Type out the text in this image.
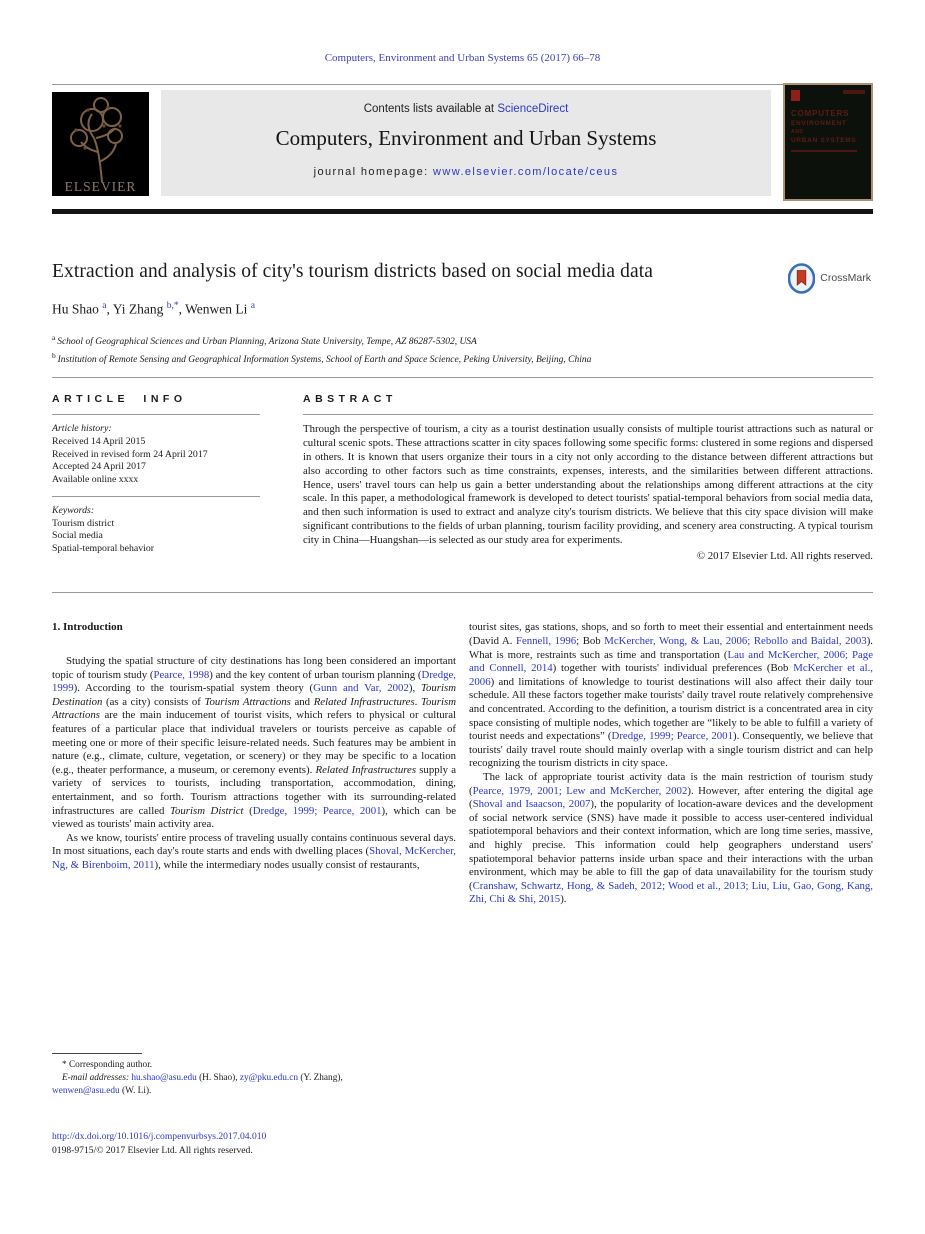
Computers, Environment and Urban Systems 65 (2017) 66–78
ELSEVIER
Contents lists available at ScienceDirect
Computers, Environment and Urban Systems
journal homepage: www.elsevier.com/locate/ceus
COMPUTERS
ENVIRONMENT
AND
URBAN SYSTEMS
Extraction and analysis of city's tourism districts based on social media data	CrossMark
Hu Shao $^a$, Yi Zhang $^{b,*}$, Wenwen Li $^a$
$^a$ School of Geographical Sciences and Urban Planning, Arizona State University, Tempe, AZ 86287-5302, USA
$^b$ Institution of Remote Sensing and Geographical Information Systems, School of Earth and Space Science, Peking University, Beijing, China
ARTICLE INFO
Article history:
Received 14 April 2015
Received in revised form 24 April 2017
Accepted 24 April 2017
Available online xxxx
Keywords:
Tourism district
Social media
Spatial-temporal behavior
ABSTRACT

Through the perspective of tourism, a city as a tourist destination usually consists of multiple tourist attractions such as natural or cultural scenic spots. These attractions scatter in city spaces following some specific forms: clustered in some regions and dispersed in others. It is known that users organize their tours in a city not only according to the distance between different attractions but also according to other factors such as time constraints, expenses, interests, and the similarities between different attractions. Hence, users' travel tours can help us gain a better understanding about the relationships among different attractions at the city scale. In this paper, a methodological framework is developed to detect tourists' spatial-temporal behaviors from social media data, and then such information is used to extract and analyze city's tourism districts. We believe that this city space division will make significant contributions to the fields of urban planning, tourism facility providing, and scenery area constructing. A typical tourism city in China—Huangshan—is selected as our study area for experiments.

© 2017 Elsevier Ltd. All rights reserved.
1. Introduction

Studying the spatial structure of city destinations has long been considered an important topic of tourism study (Pearce, 1998) and the key content of urban tourism planning (Dredge, 1999). According to the tourism-spatial system theory (Gunn and Var, 2002), Tourism Destination (as a city) consists of Tourism Attractions and Related Infrastructures. Tourism Attractions are the main inducement of tourist visits, which refers to physical or cultural features of a particular place that individual travelers or tourists perceive as capable of meeting one or more of their specific leisure-related needs. Such features may be ambient in nature (e.g., climate, culture, vegetation, or scenery) or they may be specific to a location (e.g., theater performance, a museum, or ceremony events). Related Infrastructures supply a variety of services to tourists, including transportation, accommodation, dining, entertainment, and so forth. Tourism attractions together with its surrounding-related infrastructures are called Tourism District (Dredge, 1999; Pearce, 2001), which can be viewed as tourists' main activity area.

As we know, tourists' entire process of traveling usually contains continuous several days. In most situations, each day's route starts and ends with dwelling places (Shoval, McKercher, Ng, & Birenboim, 2011), while the intermediary nodes usually consist of restaurants,

tourist sites, gas stations, shops, and so forth to meet their essential and entertainment needs (David A. Fennell, 1996; Bob McKercher, Wong, & Lau, 2006; Rebollo and Baidal, 2003). What is more, restraints such as time and transportation (Lau and McKercher, 2006; Page and Connell, 2014) together with tourists' individual preferences (Bob McKercher et al., 2006) and limitations of knowledge to tourist destinations will also affect their daily tour schedule. All these factors together make tourists' daily travel route relatively comprehensive and concentrated. According to the definition, a tourism district is a concentrated area in city space consisting of multiple nodes, which together are “likely to be able to fulfill a variety of tourist needs and expectations” (Dredge, 1999; Pearce, 2001). Consequently, we believe that tourists' daily travel route should mainly overlap with a single tourism district and can help recognizing the tourism districts in city space.

The lack of appropriate tourist activity data is the main restriction of tourism study (Pearce, 1979, 2001; Lew and McKercher, 2002). However, after entering the digital age (Shoval and Isaacson, 2007), the popularity of location-aware devices and the development of social network service (SNS) have made it possible to access user-centered individual spatiotemporal behaviors and their context information, which are long time series, massive, and highly precise. This information could help geographers understand users' spatiotemporal behavior patterns inside urban space and their interactions with the urban environment, which may be able to fill the gap of data unavailability for the tourism study (Cranshaw, Schwartz, Hong, & Sadeh, 2012; Wood et al., 2013; Liu, Liu, Gao, Gong, Kang, Zhi, Chi & Shi, 2015).

* Corresponding author.
E-mail addresses: hu.shao@asu.edu (H. Shao), zy@pku.edu.cn (Y. Zhang), wenwen@asu.edu (W. Li).
http://dx.doi.org/10.1016/j.compenvurbsys.2017.04.010
0198-9715/© 2017 Elsevier Ltd. All rights reserved.
